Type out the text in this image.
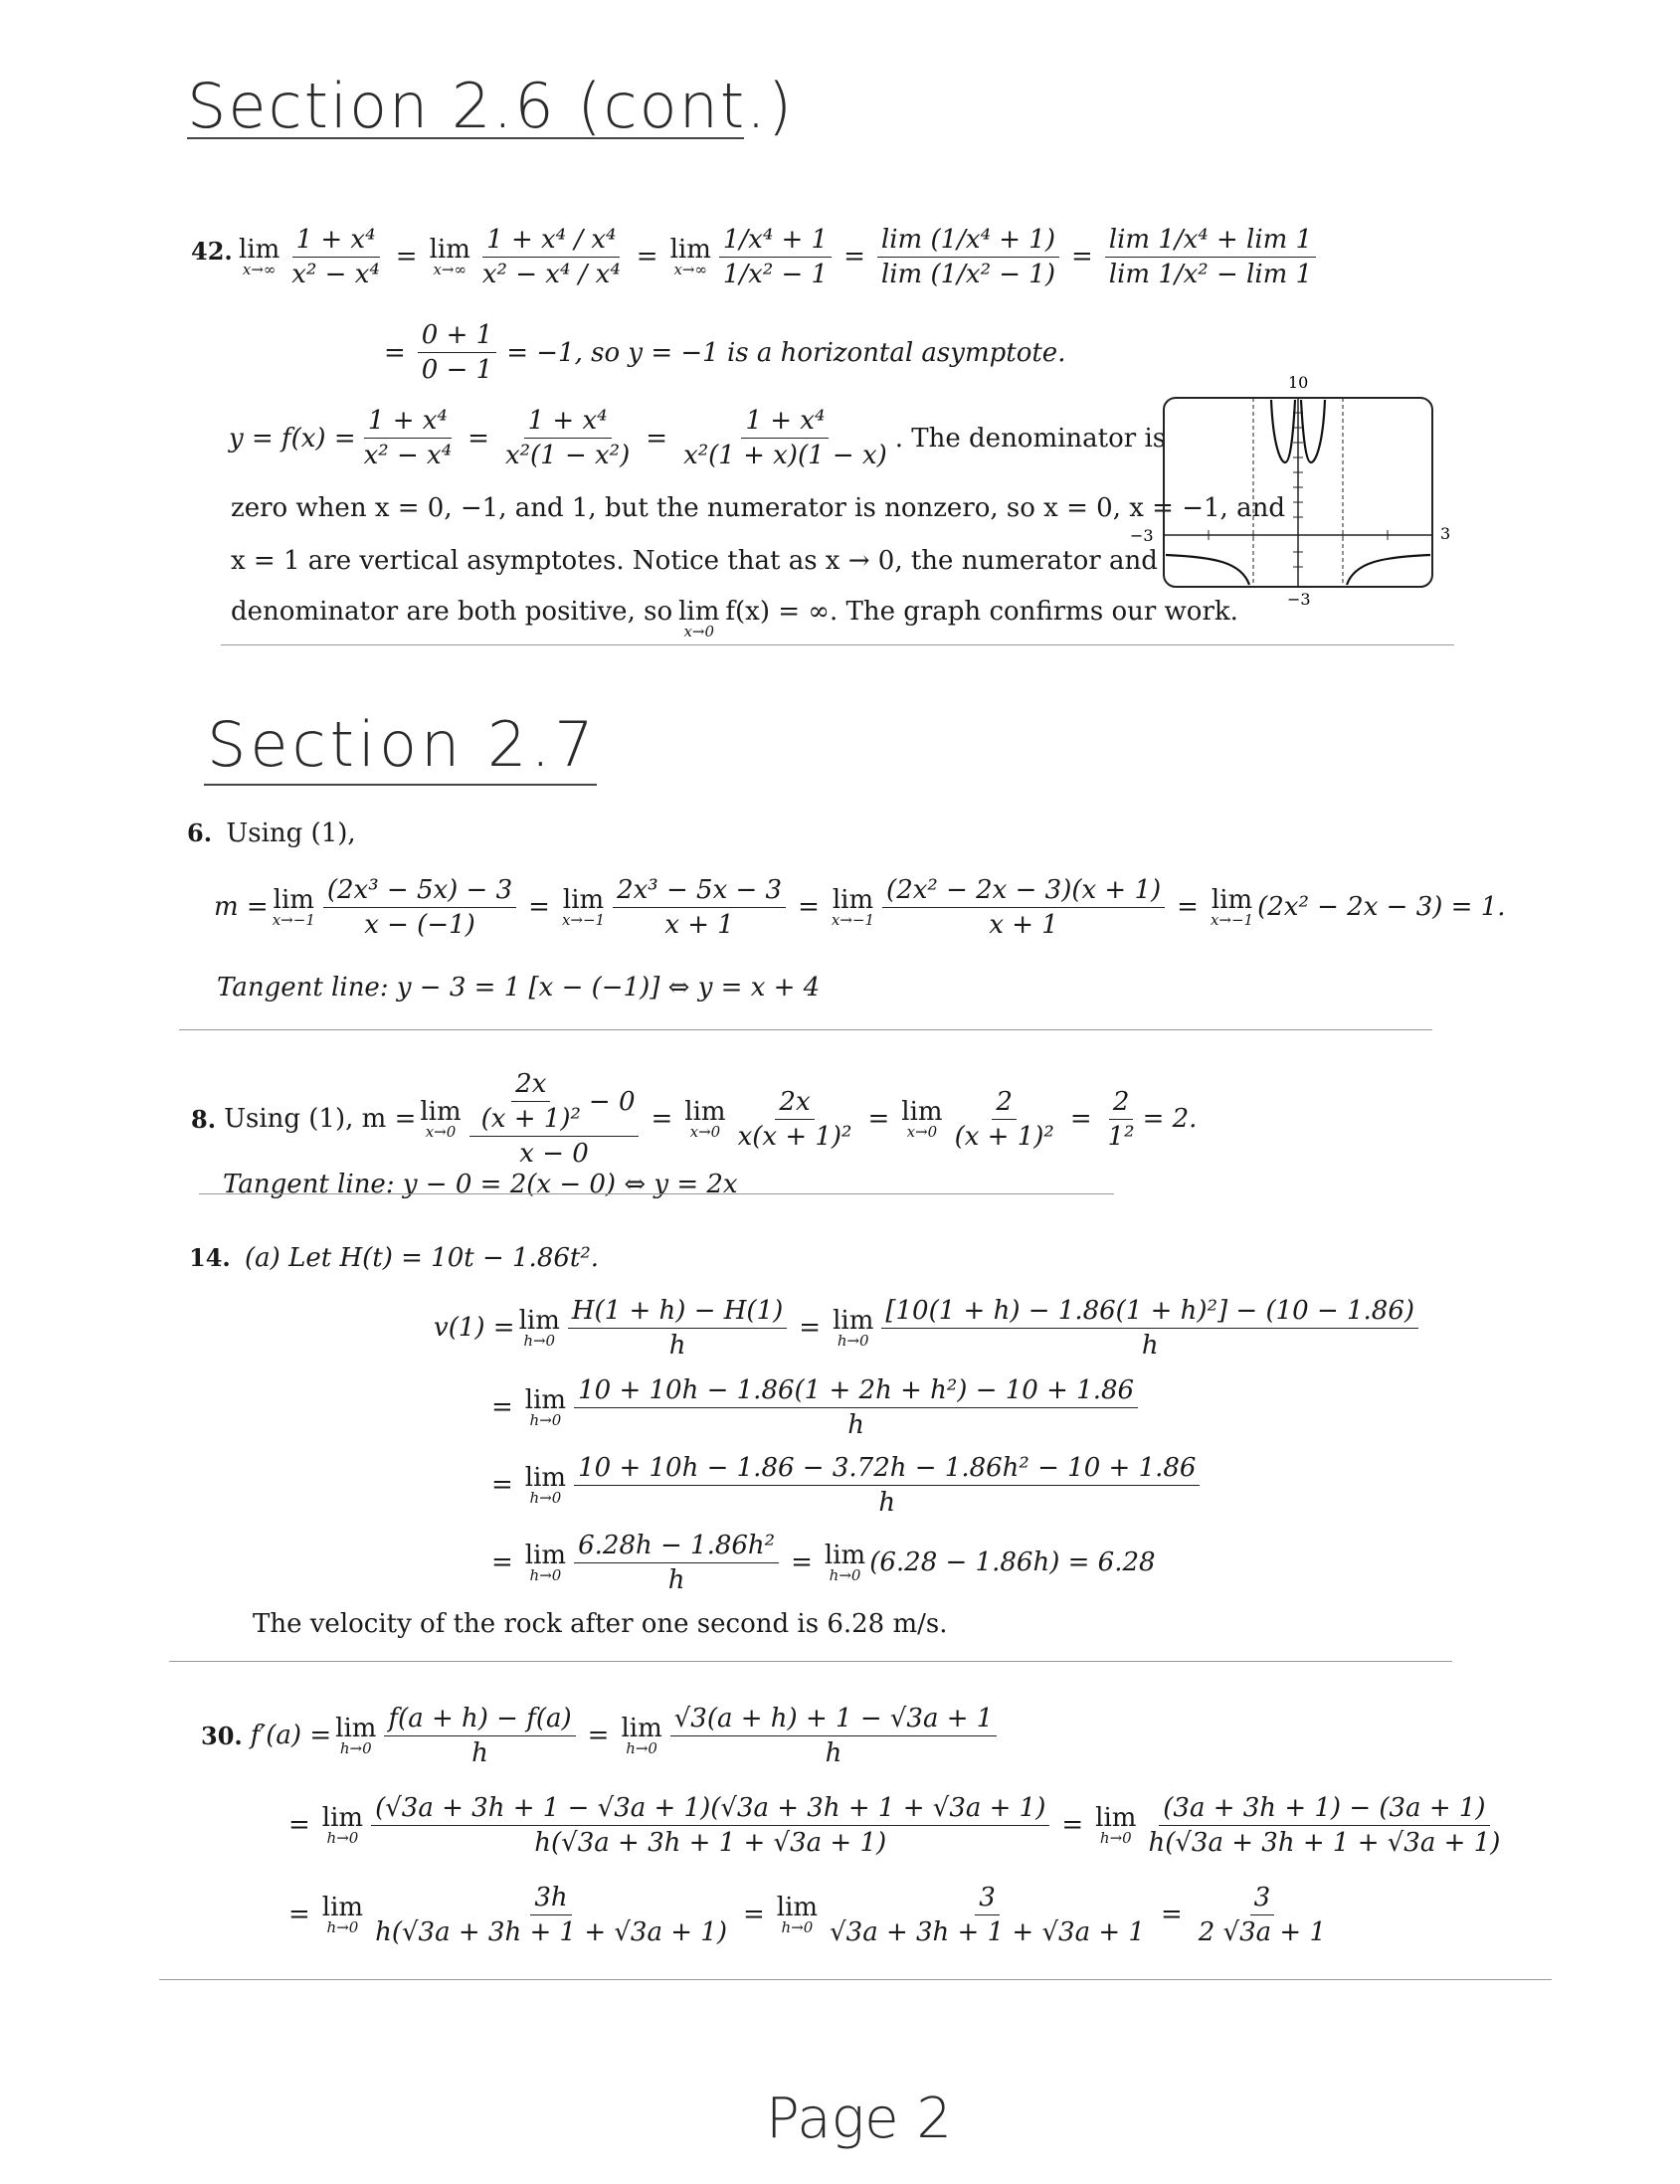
Section 2.6 (cont.)
42. lim
$x\to\infty \frac{\text{1 + x⁴}}{\text{x² − x⁴}} = \lim$
$x\to\infty \frac{\text{1 + x⁴ / x⁴}}{\text{x² − x⁴ / x⁴}} = \lim$
$x\to\infty \frac{\text{1/x⁴ + 1}}{\text{1/x² − 1}} = \frac{\text{lim (1/x⁴ + 1)}}{\text{lim (1/x² − 1)}} = \frac{\text{lim 1/x⁴ + lim 1}}{\text{lim 1/x² − lim 1}}$
= $\frac{0 + 1}{0 - 1} = -1$, so y = −1 is a horizontal asymptote.
$y = f(x) = \frac{\text{1 + x⁴}}{\text{x² − x⁴}} = \frac{\text{1 + x⁴}}{\text{x²(1 − x²)}} = \frac{\text{1 + x⁴}}{\text{x²(1 + x)(1 − x)}}$ . The denominator is
zero when x = 0, −1, and 1, but the numerator is nonzero, so x = 0, x = −1, and
x = 1 are vertical asymptotes. Notice that as x → 0, the numerator and
denominator are both positive, so lim
x→0
f(x) = ∞. The graph confirms our work.
10
−3
−3	3
Section 2.7
6. Using (1),
m = lim
$x\to-1 \frac{\text{(2x³ − 5x) − 3}}{x - (-1)} = \lim$
$x\to-1 \frac{\text{2x³ − 5x − 3}}{x + 1} = \lim$
$x\to-1 \frac{\text{(2x² − 2x − 3)(x + 1)}}{x + 1} = \lim$
x→−1 (2x² − 2x − 3) = 1.
Tangent line: y − 3 = 1 [x − (−1)] ⇔ y = x + 4
8. Using (1), m = lim
$x\to 0 \frac{\frac{2x}{\text{(x + 1)²}} - 0}{x - 0} = \lim$
$x\to 0 \frac{2x}{\text{x(x + 1)²}} = \lim$
$x\to 0 \frac{2}{\text{(x + 1)²}} = \frac{2}{\text{1²}} = 2$.
Tangent line: y − 0 = 2(x − 0) ⇔ y = 2x
14. (a) Let H(t) = 10t − 1.86t².
v(1) = lim
$h\to 0 \frac{H(1 + h) - H(1)}{h} = \lim$
$h\to 0 \frac{\text{[10(1 + h) − 1.86(1 + h)²] − (10 − 1.86)}}{h}$
= lim
$h\to 0 \frac{\text{10 + 10h − 1.86(1 + 2h + h²) − 10 + 1.86}}{h}$
= lim
$h\to 0 \frac{\text{10 + 10h − 1.86 − 3.72h − 1.86h² − 10 + 1.86}}{h}$
= lim
$h\to 0 \frac{\text{6.28h − 1.86h²}}{h} = \lim$
h→0 (6.28 − 1.86h) = 6.28
The velocity of the rock after one second is 6.28 m/s.
30. f′(a) = lim
$h\to 0 \frac{f(a + h) - f(a)}{h} = \lim$
$h\to 0 \frac{√3(a + h) + 1 - √3a + 1}{h}$
= lim
$h\to 0 \frac{(√3a + 3h + 1 - √3a + 1)(√3a + 3h + 1 + √3a + 1)}{h(√3a + 3h + 1 + √3a + 1)} = \lim$
$h\to 0 \frac{(3a + 3h + 1) - (3a + 1)}{h(√3a + 3h + 1 + √3a + 1)}$
= lim
$h\to 0 \frac{3h}{h(√3a + 3h + 1 + √3a + 1)} = \lim$
$h\to 0 \frac{3}{√3a + 3h + 1 + √3a + 1} = \frac{3}{2 √3a + 1}$
Page 2
